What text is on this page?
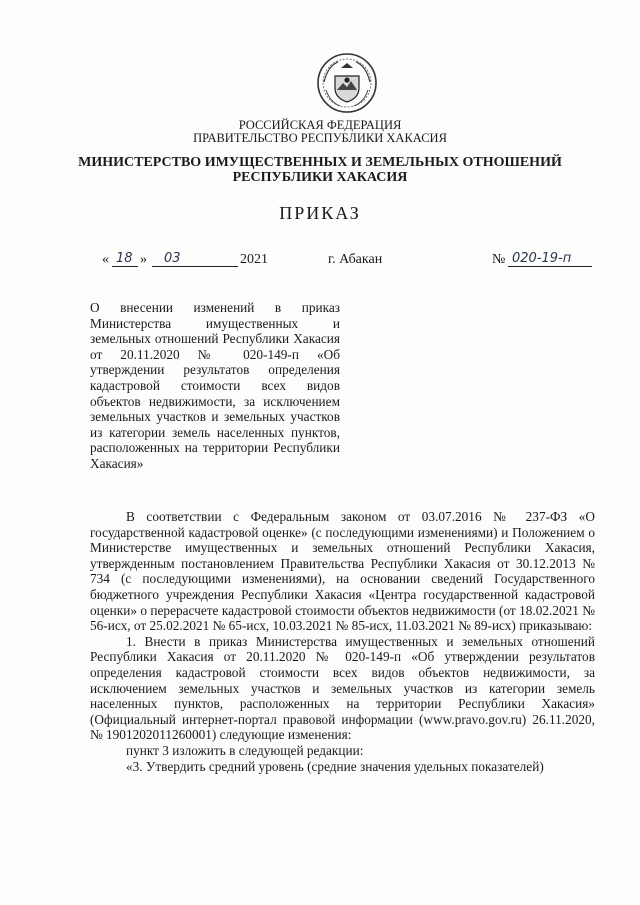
РОССИЙСКАЯ ФЕДЕРАЦИЯ
ПРАВИТЕЛЬСТВО РЕСПУБЛИКИ ХАКАСИЯ
МИНИСТЕРСТВО ИМУЩЕСТВЕННЫХ И ЗЕМЕЛЬНЫХ ОТНОШЕНИЙ
РЕСПУБЛИКИ ХАКАСИЯ
ПРИКАЗ
« 18 » 03	2021	г. Абакан	№ 020-19-п
О внесении изменений в приказ Министерства имущественных и земельных отношений Республики Хакасия от 20.11.2020 № 020-149-п «Об утверждении результатов определения кадастровой стоимости всех видов объектов недвижимости, за исключением земельных участков и земельных участков из категории земель населенных пунктов, расположенных на территории Республики Хакасия»

В соответствии с Федеральным законом от 03.07.2016 № 237-ФЗ «О государственной кадастровой оценке» (с последующими изменениями) и Положением о Министерстве имущественных и земельных отношений Республики Хакасия, утвержденным постановлением Правительства Республики Хакасия от 30.12.2013 № 734 (с последующими изменениями), на основании сведений Государственного бюджетного учреждения Республики Хакасия «Центра государственной кадастровой оценки» о перерасчете кадастровой стоимости объектов недвижимости (от 18.02.2021 № 56-исх, от 25.02.2021 № 65-исх, 10.03.2021 № 85-исх, 11.03.2021 № 89-исх) приказываю:

1. Внести в приказ Министерства имущественных и земельных отношений Республики Хакасия от 20.11.2020 № 020-149-п «Об утверждении результатов определения кадастровой стоимости всех видов объектов недвижимости, за исключением земельных участков и земельных участков из категории земель населенных пунктов, расположенных на территории Республики Хакасия» (Официальный интернет-портал правовой информации (www.pravo.gov.ru) 26.11.2020, № 1901202011260001) следующие изменения:

пункт 3 изложить в следующей редакции:

«3. Утвердить средний уровень (средние значения удельных показателей)
